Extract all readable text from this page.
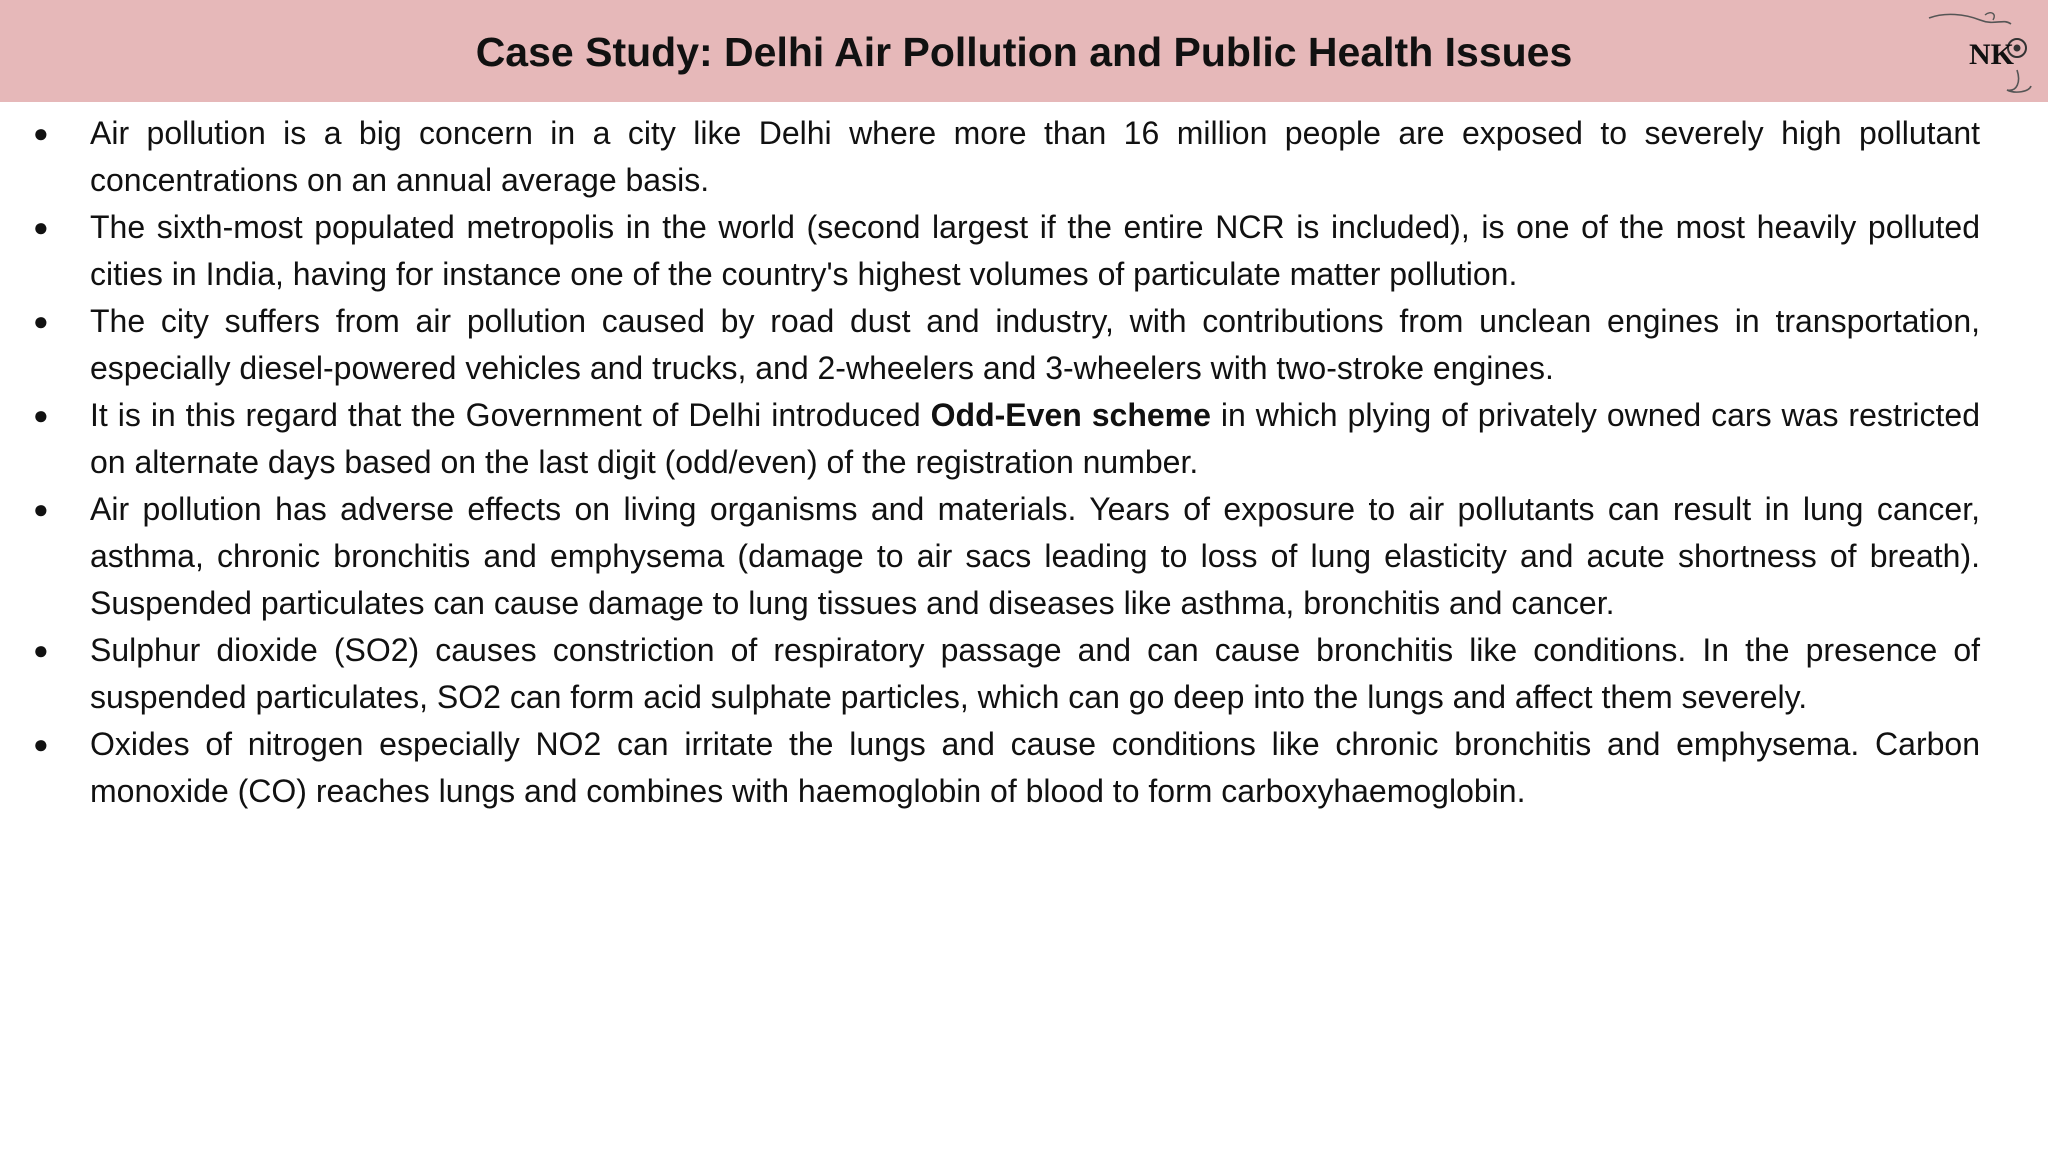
Case Study: Delhi Air Pollution and Public Health Issues	NK
● Air pollution is a big concern in a city like Delhi where more than 16 million people are exposed to severely high pollutant concentrations on an annual average basis.
● The sixth-most populated metropolis in the world (second largest if the entire NCR is included), is one of the most heavily polluted cities in India, having for instance one of the country's highest volumes of particulate matter pollution.
● The city suffers from air pollution caused by road dust and industry, with contributions from unclean engines in transportation, especially diesel-powered vehicles and trucks, and 2-wheelers and 3-wheelers with two-stroke engines.
● It is in this regard that the Government of Delhi introduced Odd-Even scheme in which plying of privately owned cars was restricted on alternate days based on the last digit (odd/even) of the registration number.
● Air pollution has adverse effects on living organisms and materials. Years of exposure to air pollutants can result in lung cancer, asthma, chronic bronchitis and emphysema (damage to air sacs leading to loss of lung elasticity and acute shortness of breath). Suspended particulates can cause damage to lung tissues and diseases like asthma, bronchitis and cancer.
● Sulphur dioxide (SO2) causes constriction of respiratory passage and can cause bronchitis like conditions. In the presence of suspended particulates, SO2 can form acid sulphate particles, which can go deep into the lungs and affect them severely.
● Oxides of nitrogen especially NO2 can irritate the lungs and cause conditions like chronic bronchitis and emphysema. Carbon monoxide (CO) reaches lungs and combines with haemoglobin of blood to form carboxyhaemoglobin.
